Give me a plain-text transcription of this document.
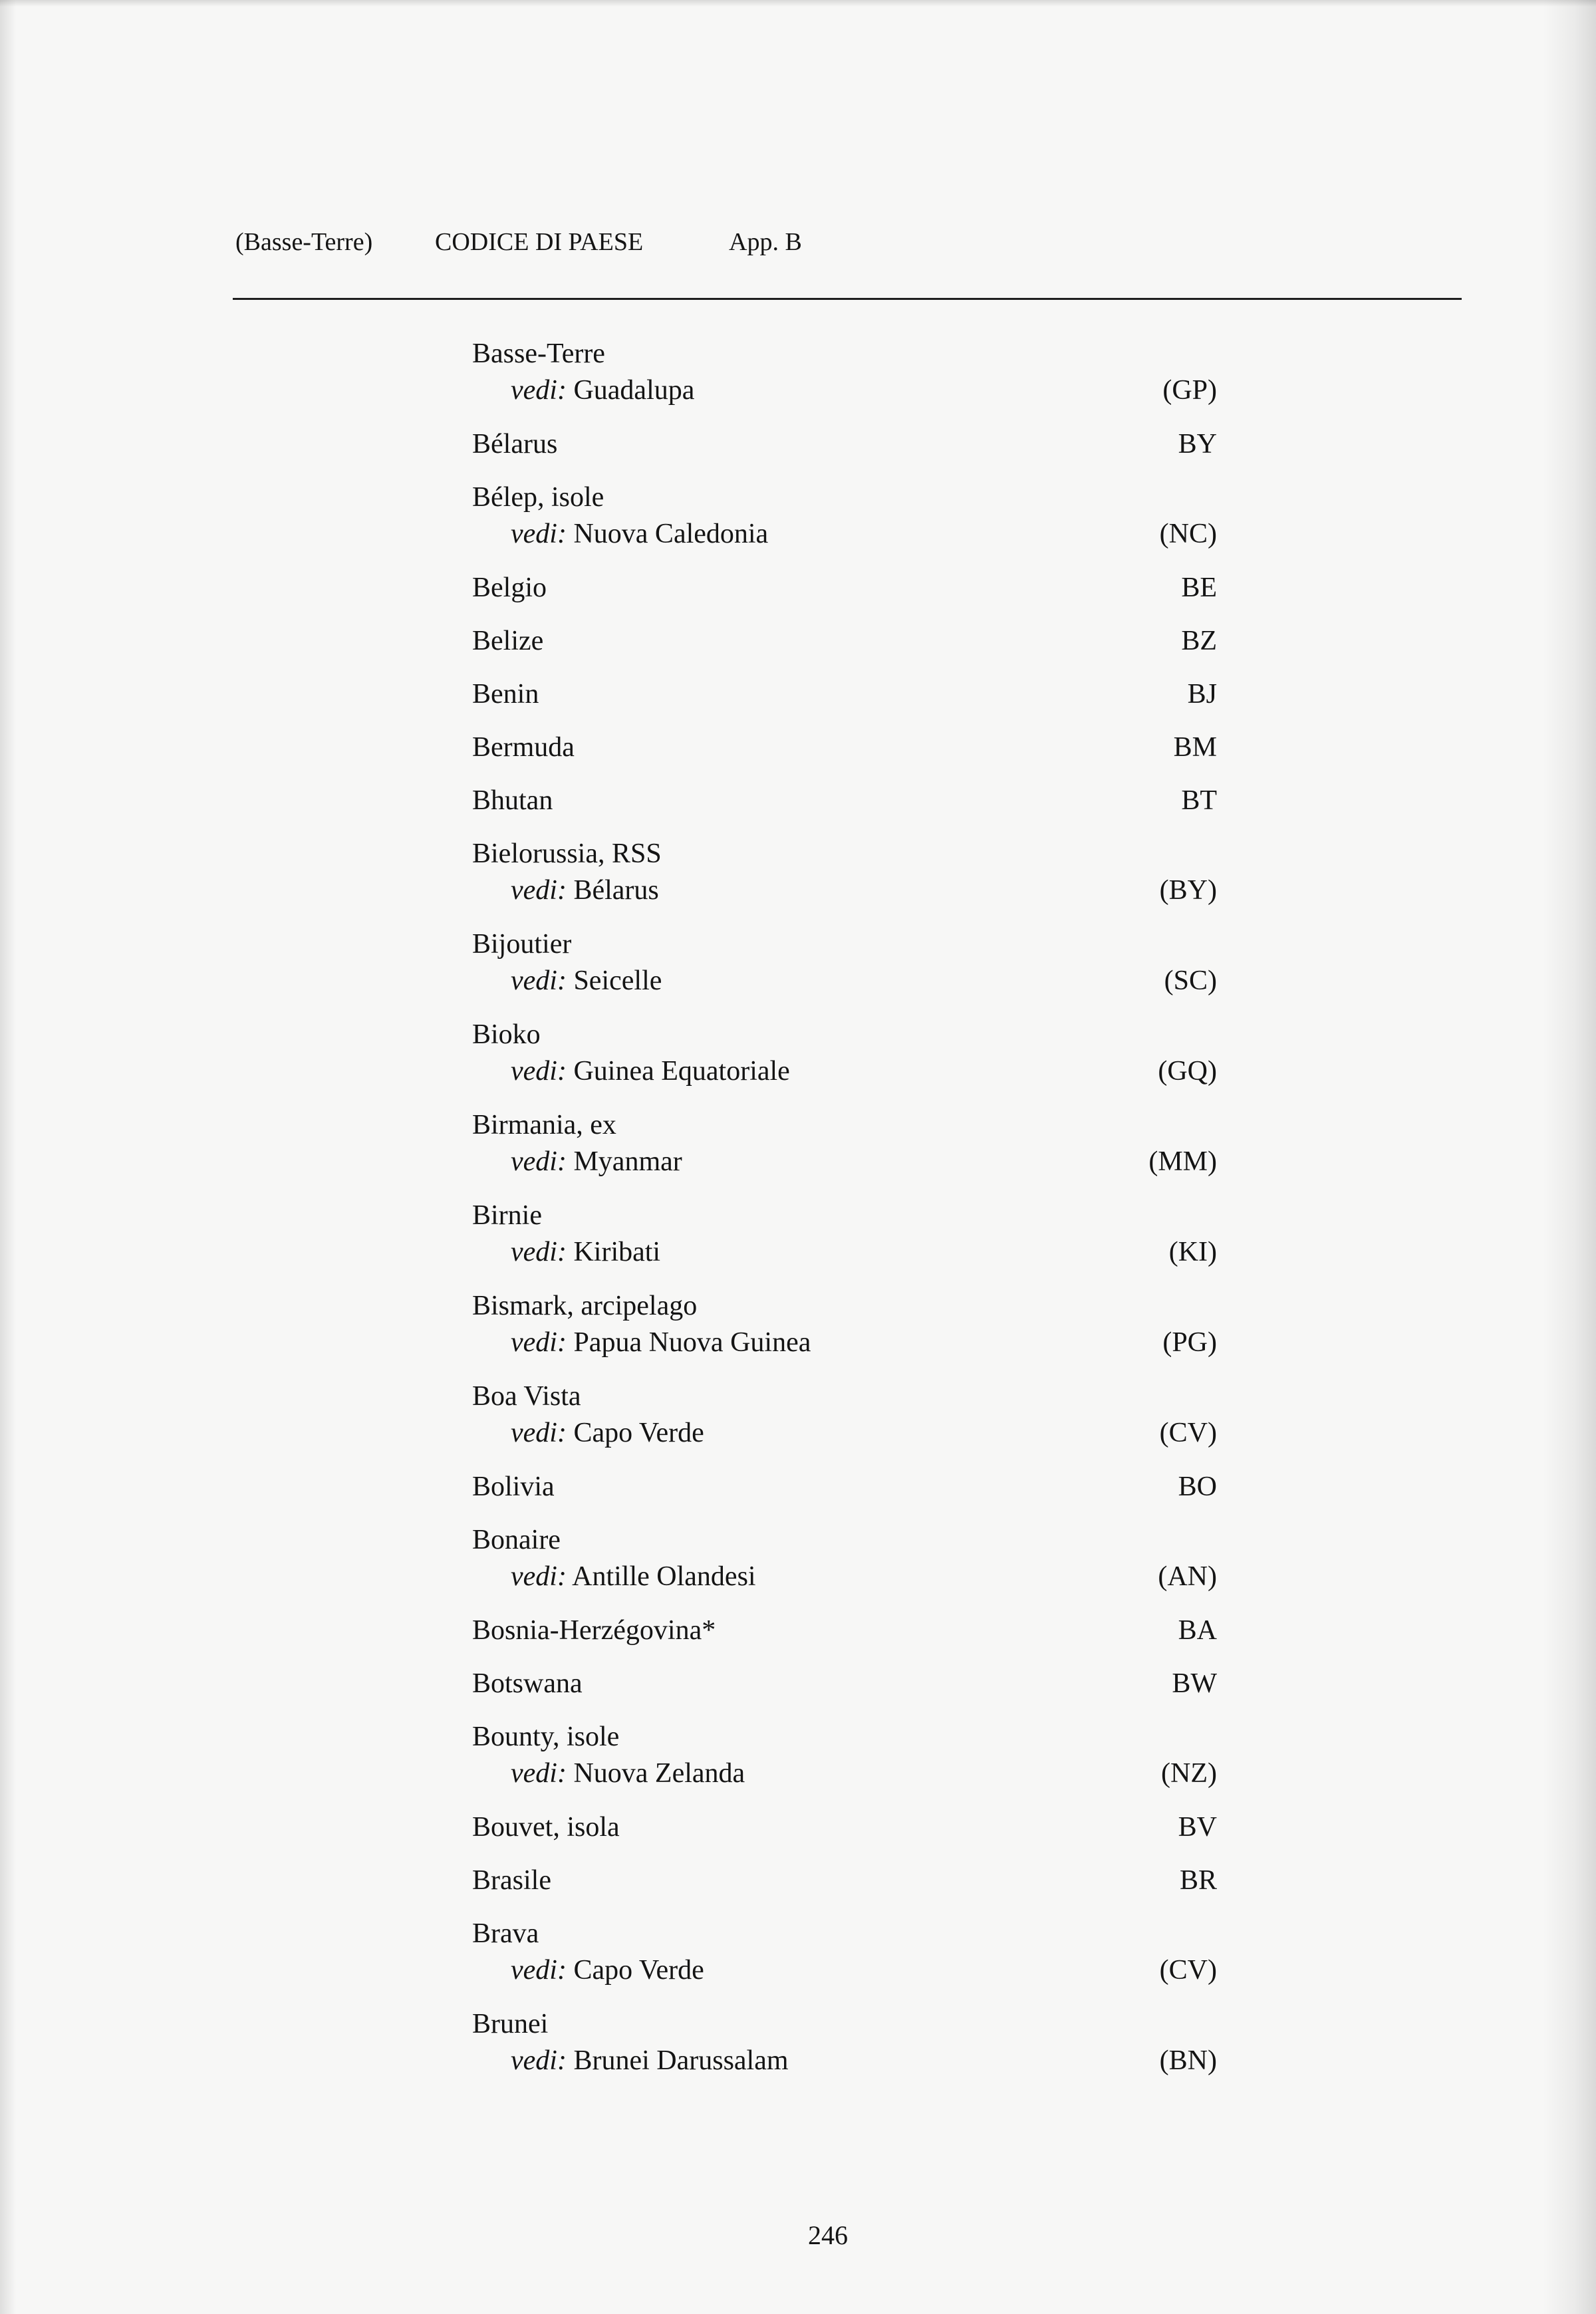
(Basse-Terre) CODICE DI PAESE	App. B
Basse-Terre
vedi: Guadalupa	(GP)
Bélarus	BY
Bélep, isole
vedi: Nuova Caledonia	(NC)
Belgio	BE
Belize	BZ
Benin	BJ
Bermuda	BM
Bhutan	BT
Bielorussia, RSS
vedi: Bélarus	(BY)
Bijoutier
vedi: Seicelle	(SC)
Bioko
vedi: Guinea Equatoriale	(GQ)
Birmania, ex
vedi: Myanmar	(MM)
Birnie
vedi: Kiribati	(KI)
Bismark, arcipelago
vedi: Papua Nuova Guinea	(PG)
Boa Vista
vedi: Capo Verde	(CV)
Bolivia	BO
Bonaire
vedi: Antille Olandesi	(AN)
Bosnia-Herzégovina*	BA
Botswana	BW
Bounty, isole
vedi: Nuova Zelanda	(NZ)
Bouvet, isola	BV
Brasile	BR
Brava
vedi: Capo Verde	(CV)
Brunei
vedi: Brunei Darussalam	(BN)
246
